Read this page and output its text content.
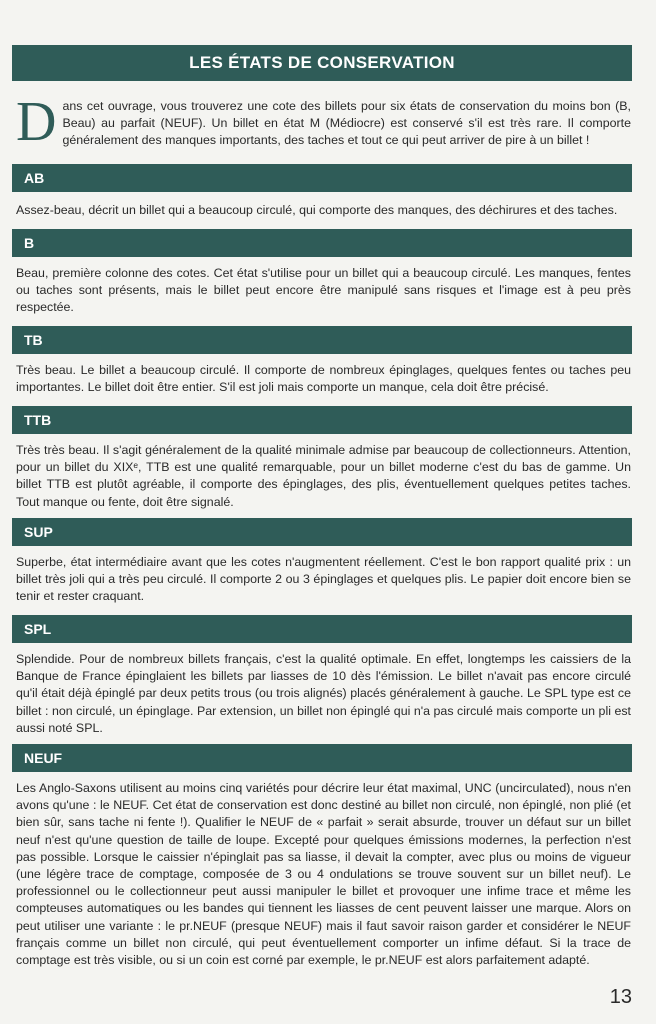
LES ÉTATS DE CONSERVATION
D ans cet ouvrage, vous trouverez une cote des billets pour six états de conservation du moins bon (B, Beau) au parfait (NEUF). Un billet en état M (Médiocre) est conservé s'il est très rare. Il comporte généralement des manques importants, des taches et tout ce qui peut arriver de pire à un billet !

AB
Assez-beau, décrit un billet qui a beaucoup circulé, qui comporte des manques, des déchirures et des taches.
B
Beau, première colonne des cotes. Cet état s'utilise pour un billet qui a beaucoup circulé. Les manques, fentes ou taches sont présents, mais le billet peut encore être manipulé sans risques et l'image est à peu près respectée.
TB
Très beau. Le billet a beaucoup circulé. Il comporte de nombreux épinglages, quelques fentes ou taches peu importantes. Le billet doit être entier. S'il est joli mais comporte un manque, cela doit être précisé.
TTB
Très très beau. Il s'agit généralement de la qualité minimale admise par beaucoup de collectionneurs. Attention, pour un billet du XIXᵉ, TTB est une qualité remarquable, pour un billet moderne c'est du bas de gamme. Un billet TTB est plutôt agréable, il comporte des épinglages, des plis, éventuellement quelques petites taches. Tout manque ou fente, doit être signalé.
SUP
Superbe, état intermédiaire avant que les cotes n'augmentent réellement. C'est le bon rapport qualité prix : un billet très joli qui a très peu circulé. Il comporte 2 ou 3 épinglages et quelques plis. Le papier doit encore bien se tenir et rester craquant.
SPL
Splendide. Pour de nombreux billets français, c'est la qualité optimale. En effet, longtemps les caissiers de la Banque de France épinglaient les billets par liasses de 10 dès l'émission. Le billet n'avait pas encore circulé qu'il était déjà épinglé par deux petits trous (ou trois alignés) placés généralement à gauche. Le SPL type est ce billet : non circulé, un épinglage. Par extension, un billet non épinglé qui n'a pas circulé mais comporte un pli est aussi noté SPL.
NEUF
Les Anglo-Saxons utilisent au moins cinq variétés pour décrire leur état maximal, UNC (uncirculated), nous n'en avons qu'une : le NEUF. Cet état de conservation est donc destiné au billet non circulé, non épinglé, non plié (et bien sûr, sans tache ni fente !). Qualifier le NEUF de « parfait » serait absurde, trouver un défaut sur un billet neuf n'est qu'une question de taille de loupe. Excepté pour quelques émissions modernes, la perfection n'est pas possible. Lorsque le caissier n'épinglait pas sa liasse, il devait la compter, avec plus ou moins de vigueur (une légère trace de comptage, composée de 3 ou 4 ondulations se trouve souvent sur un billet neuf). Le professionnel ou le collectionneur peut aussi manipuler le billet et provoquer une infime trace et même les compteuses automatiques ou les bandes qui tiennent les liasses de cent peuvent laisser une marque. Alors on peut utiliser une variante : le pr.NEUF (presque NEUF) mais il faut savoir raison garder et considérer le NEUF français comme un billet non circulé, qui peut éventuellement comporter un infime défaut. Si la trace de comptage est très visible, ou si un coin est corné par exemple, le pr.NEUF est alors parfaitement adapté.
13
